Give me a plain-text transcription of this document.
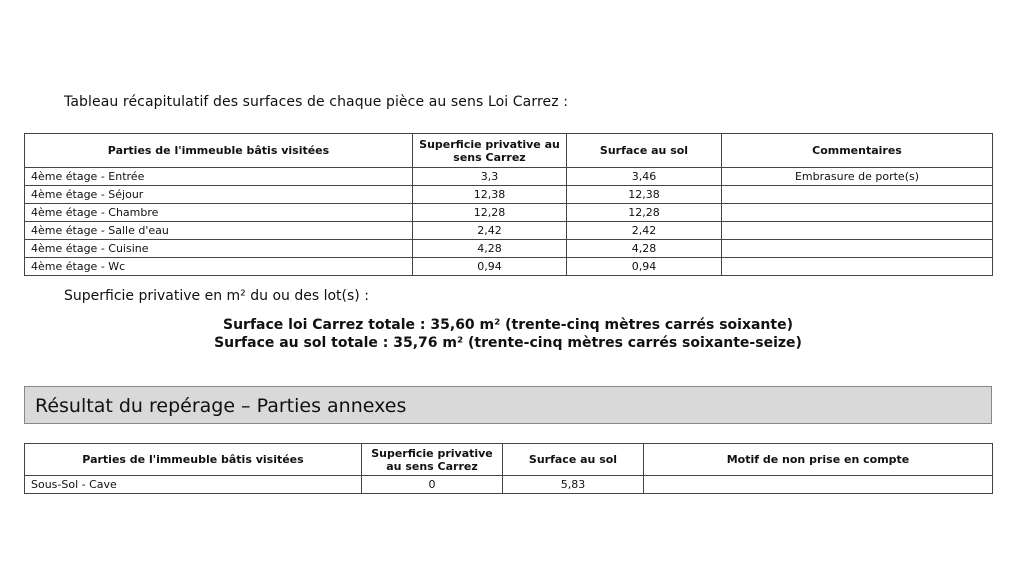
Tableau récapitulatif des surfaces de chaque pièce au sens Loi Carrez :
Parties de l'immeuble bâtis visitées	Superficie privative au sens Carrez	Surface au sol	Commentaires
4ème étage - Entrée	3,3	3,46	Embrasure de porte(s)
4ème étage - Séjour	12,38	12,38	
4ème étage - Chambre	12,28	12,28	
4ème étage - Salle d'eau	2,42	2,42	
4ème étage - Cuisine	4,28	4,28	
4ème étage - Wc	0,94	0,94	
Superficie privative en m² du ou des lot(s) :
Surface loi Carrez totale : 35,60 m² (trente-cinq mètres carrés soixante)
Surface au sol totale : 35,76 m² (trente-cinq mètres carrés soixante-seize)
Résultat du repérage – Parties annexes
Parties de l'immeuble bâtis visitées	Superficie privative au sens Carrez	Surface au sol	Motif de non prise en compte
Sous-Sol - Cave	0	5,83	
